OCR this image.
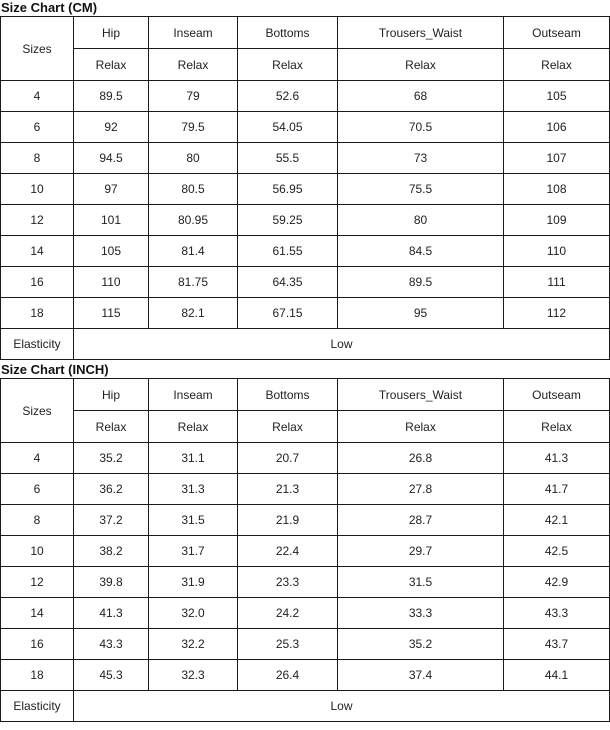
Size Chart (CM)
Sizes	Hip	Inseam	Bottoms	Trousers_Waist	Outseam
	Relax	Relax	Relax	Relax	Relax
4	89.5	79	52.6	68	105
6	92	79.5	54.05	70.5	106
8	94.5	80	55.5	73	107
10	97	80.5	56.95	75.5	108
12	101	80.95	59.25	80	109
14	105	81.4	61.55	84.5	110
16	110	81.75	64.35	89.5	111
18	115	82.1	67.15	95	112
Elasticity	Low				
Size Chart (INCH)
Sizes	Hip	Inseam	Bottoms	Trousers_Waist	Outseam
	Relax	Relax	Relax	Relax	Relax
4	35.2	31.1	20.7	26.8	41.3
6	36.2	31.3	21.3	27.8	41.7
8	37.2	31.5	21.9	28.7	42.1
10	38.2	31.7	22.4	29.7	42.5
12	39.8	31.9	23.3	31.5	42.9
14	41.3	32.0	24.2	33.3	43.3
16	43.3	32.2	25.3	35.2	43.7
18	45.3	32.3	26.4	37.4	44.1
Elasticity	Low				
